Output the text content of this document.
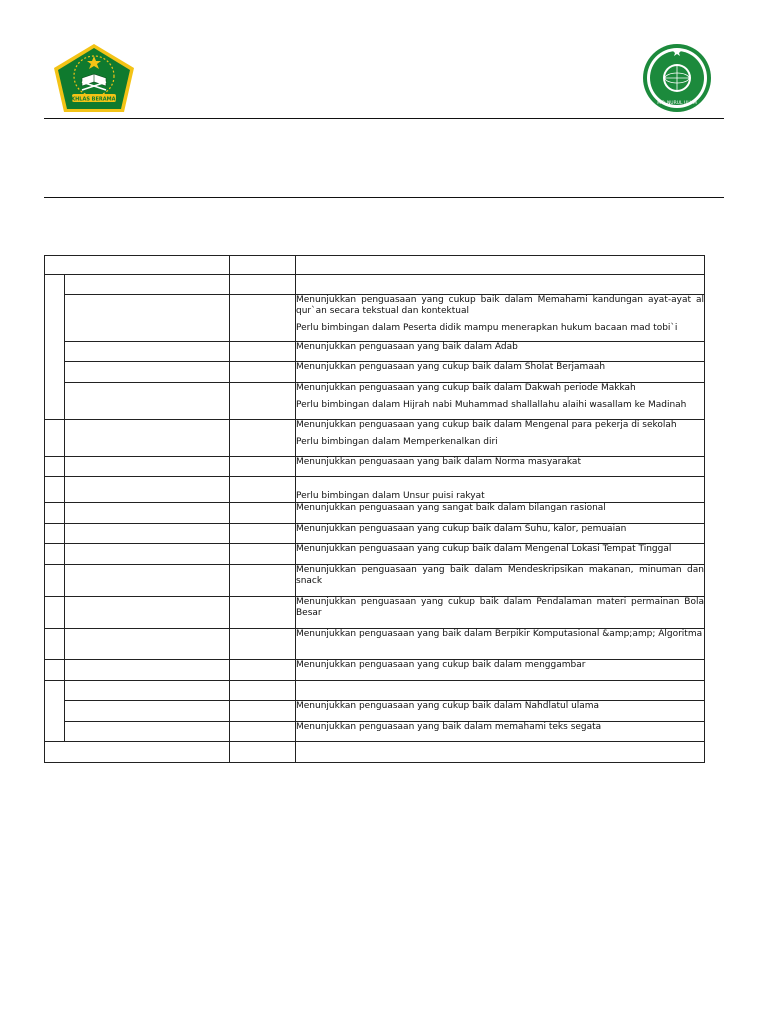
IKHLAS BERAMAL
MTs NURUL ULUM

			Menunjukkan penguasaan yang cukup baik dalam Memahami kandungan ayat-ayat al qur`an secara tekstual dan kontektual

Perlu bimbingan dalam Peserta didik mampu menerapkan hukum bacaan mad tobi`i

			Menunjukkan penguasaan yang baik dalam Adab

			Menunjukkan penguasaan yang cukup baik dalam Sholat Berjamaah

			Menunjukkan penguasaan yang cukup baik dalam Dakwah periode Makkah

Perlu bimbingan dalam Hijrah nabi Muhammad shallallahu alaihi wasallam ke Madinah

			Menunjukkan penguasaan yang cukup baik dalam Mengenal para pekerja di sekolah

Perlu bimbingan dalam Memperkenalkan diri

			Menunjukkan penguasaan yang baik dalam Norma masyarakat

			Perlu bimbingan dalam Unsur puisi rakyat

			Menunjukkan penguasaan yang sangat baik dalam bilangan rasional

			Menunjukkan penguasaan yang cukup baik dalam Suhu, kalor, pemuaian

			Menunjukkan penguasaan yang cukup baik dalam Mengenal Lokasi Tempat Tinggal

			Menunjukkan penguasaan yang baik dalam Mendeskripsikan makanan, minuman dan snack

			Menunjukkan penguasaan yang cukup baik dalam Pendalaman materi permainan Bola Besar

			Menunjukkan penguasaan yang baik dalam Berpikir Komputasional &amp;amp; Algoritma

			Menunjukkan penguasaan yang cukup baik dalam menggambar

			Menunjukkan penguasaan yang cukup baik dalam Nahdlatul ulama

			Menunjukkan penguasaan yang baik dalam memahami teks segata
